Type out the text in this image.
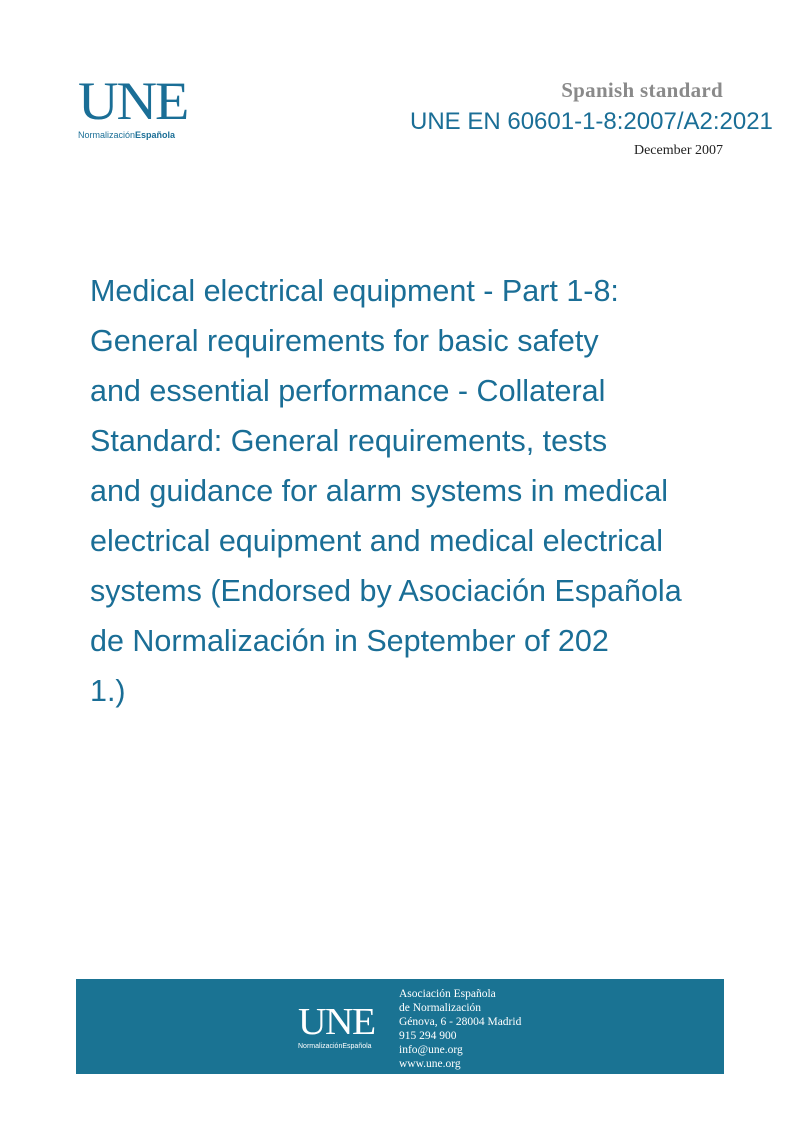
UNE
NormalizaciónEspañola
Spanish standard
UNE EN 60601-1-8:2007/A2:2021
December 2007
Medical electrical equipment - Part 1-8:
General requirements for basic safety
and essential performance - Collateral
Standard: General requirements, tests
and guidance for alarm systems in medical
electrical equipment and medical electrical
systems (Endorsed by Asociación Española
de Normalización in September of 202
1.)
UNE
NormalizaciónEspañola
Asociación Española
de Normalización
Génova, 6 - 28004 Madrid
915 294 900
info@une.org
www.une.org
